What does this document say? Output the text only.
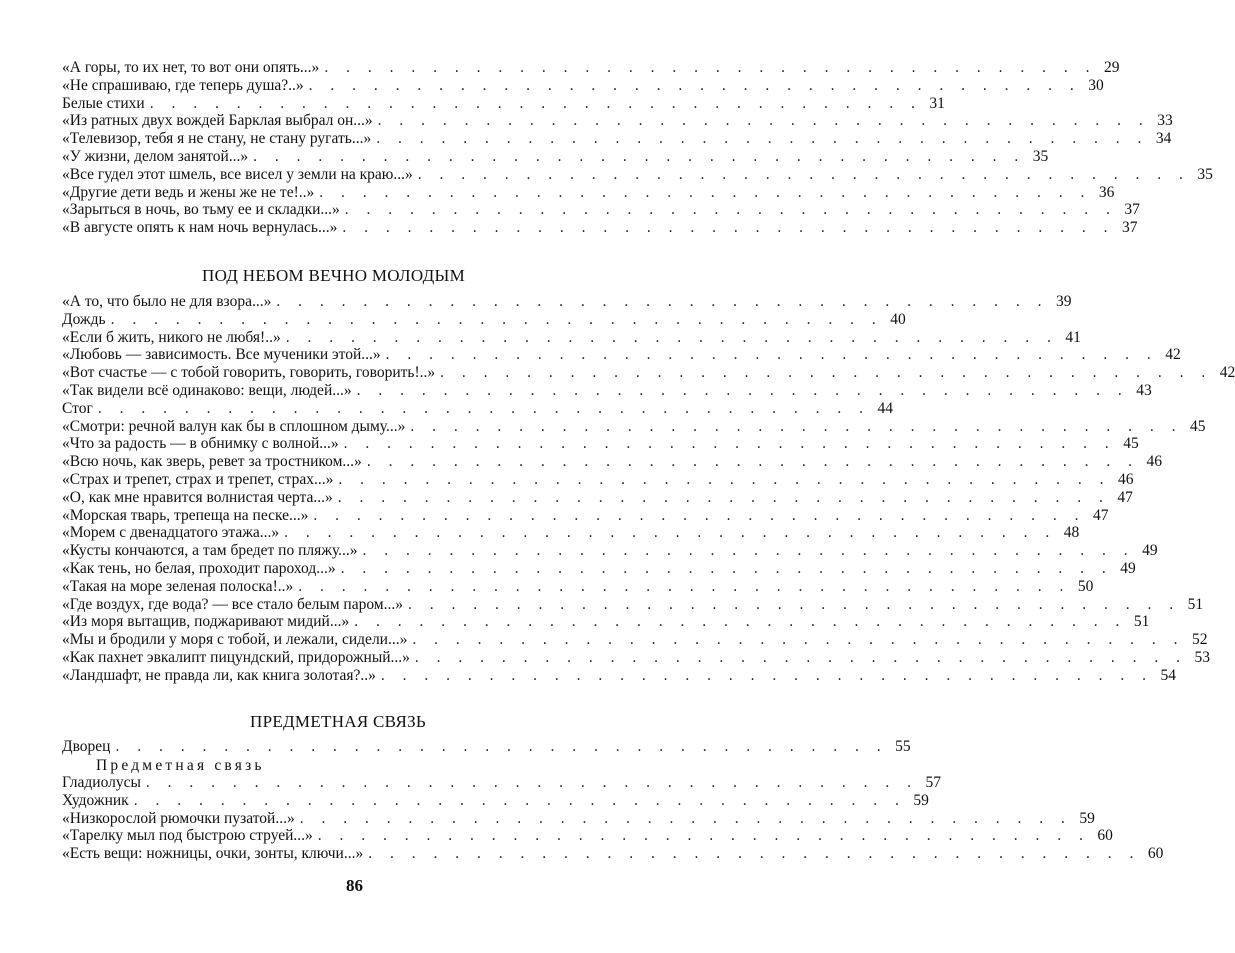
«А горы, то их нет, то вот они опять...» . . . . . . . . . . . . . . . . . . . . . . . . . . . . . . . . . . . . 29
«Не спрашиваю, где теперь душа?..» . . . . . . . . . . . . . . . . . . . . . . . . . . . . . . . . . . . . 30
Белые стихи . . . . . . . . . . . . . . . . . . . . . . . . . . . . . . . . . . . . 31
«Из ратных двух вождей Барклая выбрал он...» . . . . . . . . . . . . . . . . . . . . . . . . . . . . . . . . . . . . 33
«Телевизор, тебя я не стану, не стану ругать...» . . . . . . . . . . . . . . . . . . . . . . . . . . . . . . . . . . . . 34
«У жизни, делом занятой...» . . . . . . . . . . . . . . . . . . . . . . . . . . . . . . . . . . . . 35
«Все гудел этот шмель, все висел у земли на краю...» . . . . . . . . . . . . . . . . . . . . . . . . . . . . . . . . . . . . 35
«Другие дети ведь и жены же не те!..» . . . . . . . . . . . . . . . . . . . . . . . . . . . . . . . . . . . . 36
«Зарыться в ночь, во тьму ее и складки...» . . . . . . . . . . . . . . . . . . . . . . . . . . . . . . . . . . . . 37
«В августе опять к нам ночь вернулась...» . . . . . . . . . . . . . . . . . . . . . . . . . . . . . . . . . . . . 37
ПОД НЕБОМ ВЕЧНО МОЛОДЫМ
«А то, что было не для взора...» . . . . . . . . . . . . . . . . . . . . . . . . . . . . . . . . . . . . 39
Дождь . . . . . . . . . . . . . . . . . . . . . . . . . . . . . . . . . . . . 40
«Если б жить, никого не любя!..» . . . . . . . . . . . . . . . . . . . . . . . . . . . . . . . . . . . . 41
«Любовь — зависимость. Все мученики этой...» . . . . . . . . . . . . . . . . . . . . . . . . . . . . . . . . . . . . 42
«Вот счастье — с тобой говорить, говорить, говорить!..» . . . . . . . . . . . . . . . . . . . . . . . . . . . . . . . . . . . . 42
«Так видели всё одинаково: вещи, людей...» . . . . . . . . . . . . . . . . . . . . . . . . . . . . . . . . . . . . 43
Стог . . . . . . . . . . . . . . . . . . . . . . . . . . . . . . . . . . . . 44
«Смотри: речной валун как бы в сплошном дыму...» . . . . . . . . . . . . . . . . . . . . . . . . . . . . . . . . . . . . 45
«Что за радость — в обнимку с волной...» . . . . . . . . . . . . . . . . . . . . . . . . . . . . . . . . . . . . 45
«Всю ночь, как зверь, ревет за тростником...» . . . . . . . . . . . . . . . . . . . . . . . . . . . . . . . . . . . . 46
«Страх и трепет, страх и трепет, страх...» . . . . . . . . . . . . . . . . . . . . . . . . . . . . . . . . . . . . 46
«О, как мне нравится волнистая черта...» . . . . . . . . . . . . . . . . . . . . . . . . . . . . . . . . . . . . 47
«Морская тварь, трепеща на песке...» . . . . . . . . . . . . . . . . . . . . . . . . . . . . . . . . . . . . 47
«Морем с двенадцатого этажа...» . . . . . . . . . . . . . . . . . . . . . . . . . . . . . . . . . . . . 48
«Кусты кончаются, а там бредет по пляжу...» . . . . . . . . . . . . . . . . . . . . . . . . . . . . . . . . . . . . 49
«Как тень, но белая, проходит пароход...» . . . . . . . . . . . . . . . . . . . . . . . . . . . . . . . . . . . . 49
«Такая на море зеленая полоска!..» . . . . . . . . . . . . . . . . . . . . . . . . . . . . . . . . . . . . 50
«Где воздух, где вода? — все стало белым паром...» . . . . . . . . . . . . . . . . . . . . . . . . . . . . . . . . . . . . 51
«Из моря вытащив, поджаривают мидий...» . . . . . . . . . . . . . . . . . . . . . . . . . . . . . . . . . . . . 51
«Мы и бродили у моря с тобой, и лежали, сидели...» . . . . . . . . . . . . . . . . . . . . . . . . . . . . . . . . . . . . 52
«Как пахнет эвкалипт пицундский, придорожный...» . . . . . . . . . . . . . . . . . . . . . . . . . . . . . . . . . . . . 53
«Ландшафт, не правда ли, как книга золотая?..» . . . . . . . . . . . . . . . . . . . . . . . . . . . . . . . . . . . . 54
ПРЕДМЕТНАЯ СВЯЗЬ
Дворец . . . . . . . . . . . . . . . . . . . . . . . . . . . . . . . . . . . . 55
Предметная связь
Гладиолусы . . . . . . . . . . . . . . . . . . . . . . . . . . . . . . . . . . . . 57
Художник . . . . . . . . . . . . . . . . . . . . . . . . . . . . . . . . . . . . 59
«Низкорослой рюмочки пузатой...» . . . . . . . . . . . . . . . . . . . . . . . . . . . . . . . . . . . . 59
«Тарелку мыл под быстрою струей...» . . . . . . . . . . . . . . . . . . . . . . . . . . . . . . . . . . . . 60
«Есть вещи: ножницы, очки, зонты, ключи...» . . . . . . . . . . . . . . . . . . . . . . . . . . . . . . . . . . . . 60
86
